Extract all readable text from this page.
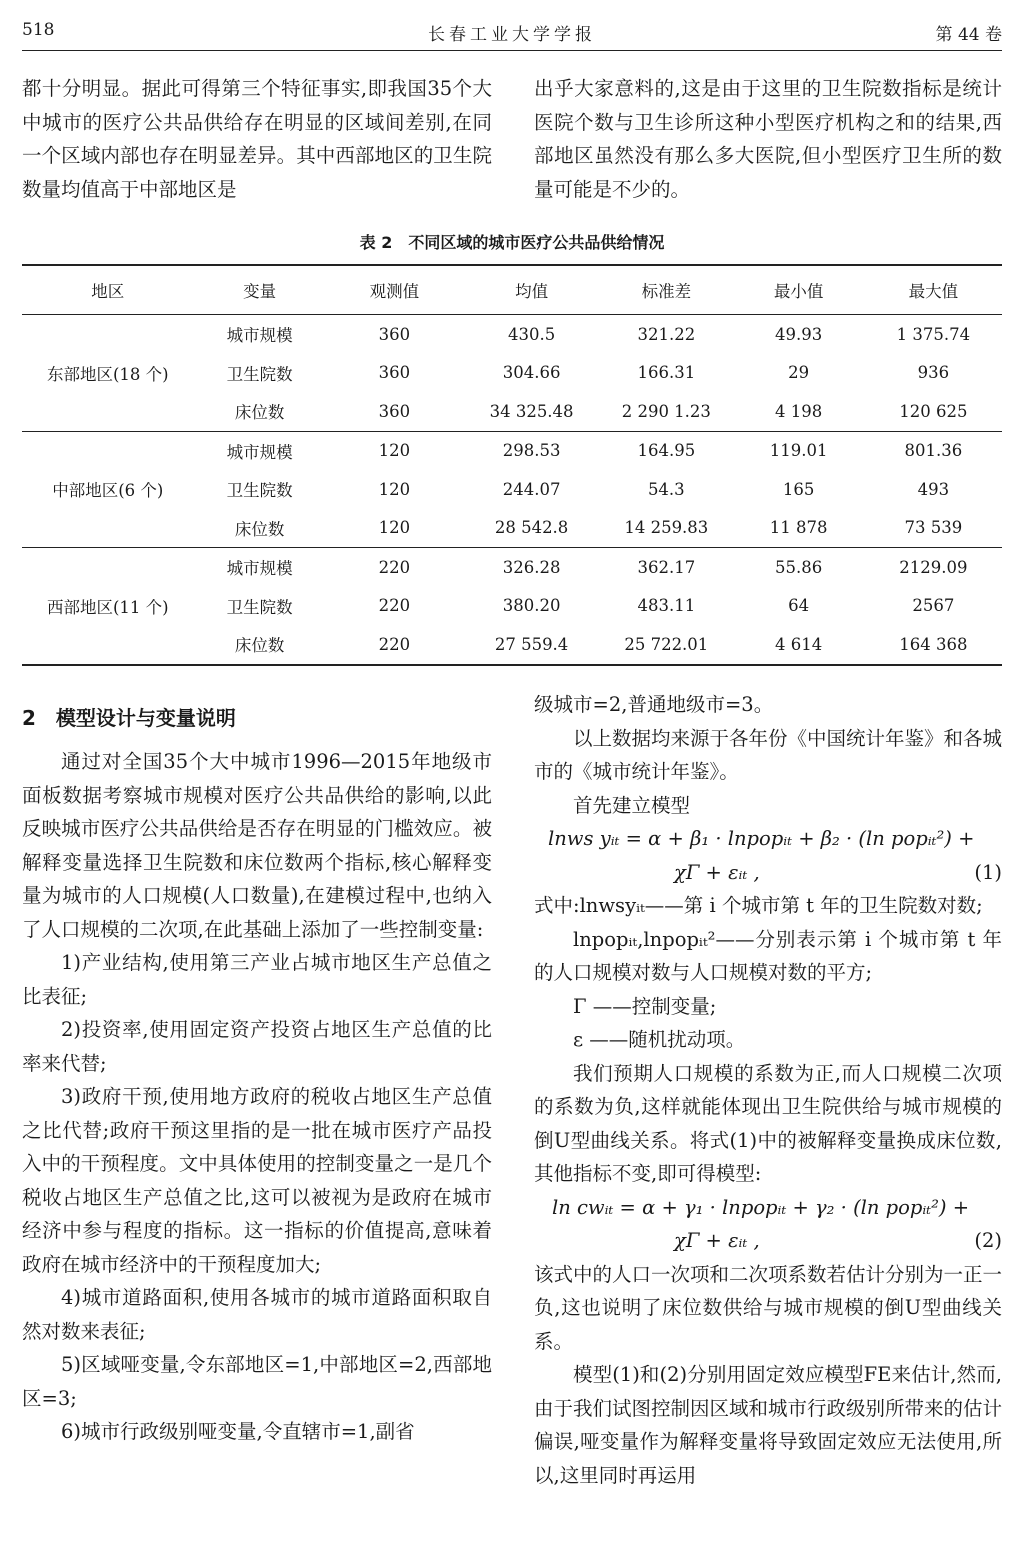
518	长春工业大学学报	第 44 卷

都十分明显。据此可得第三个特征事实,即我国35个大中城市的医疗公共品供给存在明显的区域间差别,在同一个区域内部也存在明显差异。其中西部地区的卫生院数量均值高于中部地区是

出乎大家意料的,这是由于这里的卫生院数指标是统计医院个数与卫生诊所这种小型医疗机构之和的结果,西部地区虽然没有那么多大医院,但小型医疗卫生所的数量可能是不少的。

表 2　不同区域的城市医疗公共品供给情况
地区	变量	观测值	均值	标准差	最小值	最大值
东部地区(18 个)	城市规模	360	430.5	321.22	49.93	1 375.74
	卫生院数	360	304.66	166.31	29	936
	床位数	360	34 325.48	2 290 1.23	4 198	120 625
中部地区(6 个)	城市规模	120	298.53	164.95	119.01	801.36
	卫生院数	120	244.07	54.3	165	493
	床位数	120	28 542.8	14 259.83	11 878	73 539
西部地区(11 个)	城市规模	220	326.28	362.17	55.86	2129.09
	卫生院数	220	380.20	483.11	64	2567
	床位数	220	27 559.4	25 722.01	4 614	164 368
2　模型设计与变量说明

通过对全国35个大中城市1996—2015年地级市面板数据考察城市规模对医疗公共品供给的影响,以此反映城市医疗公共品供给是否存在明显的门槛效应。被解释变量选择卫生院数和床位数两个指标,核心解释变量为城市的人口规模(人口数量),在建模过程中,也纳入了人口规模的二次项,在此基础上添加了一些控制变量:

1)产业结构,使用第三产业占城市地区生产总值之比表征;

2)投资率,使用固定资产投资占地区生产总值的比率来代替;

3)政府干预,使用地方政府的税收占地区生产总值之比代替;政府干预这里指的是一批在城市医疗产品投入中的干预程度。文中具体使用的控制变量之一是几个税收占地区生产总值之比,这可以被视为是政府在城市经济中参与程度的指标。这一指标的价值提高,意味着政府在城市经济中的干预程度加大;

4)城市道路面积,使用各城市的城市道路面积取自然对数来表征;

5)区域哑变量,令东部地区=1,中部地区=2,西部地区=3;

6)城市行政级别哑变量,令直辖市=1,副省

级城市=2,普通地级市=3。

以上数据均来源于各年份《中国统计年鉴》和各城市的《城市统计年鉴》。

首先建立模型

lnws yᵢₜ = α + β₁ · lnpopᵢₜ + β₂ · (ln popᵢₜ²) +
χΓ + εᵢₜ ,	(1)

式中:lnwsyᵢₜ——第 i 个城市第 t 年的卫生院数对数;

lnpopᵢₜ,lnpopᵢₜ²——分别表示第 i 个城市第 t 年的人口规模对数与人口规模对数的平方;

Γ ——控制变量;

ε ——随机扰动项。

我们预期人口规模的系数为正,而人口规模二次项的系数为负,这样就能体现出卫生院供给与城市规模的倒U型曲线关系。将式(1)中的被解释变量换成床位数,其他指标不变,即可得模型:

ln cwᵢₜ = α + γ₁ · lnpopᵢₜ + γ₂ · (ln popᵢₜ²) +
χΓ + εᵢₜ ,	(2)

该式中的人口一次项和二次项系数若估计分别为一正一负,这也说明了床位数供给与城市规模的倒U型曲线关系。

模型(1)和(2)分别用固定效应模型FE来估计,然而,由于我们试图控制因区域和城市行政级别所带来的估计偏误,哑变量作为解释变量将导致固定效应无法使用,所以,这里同时再运用
